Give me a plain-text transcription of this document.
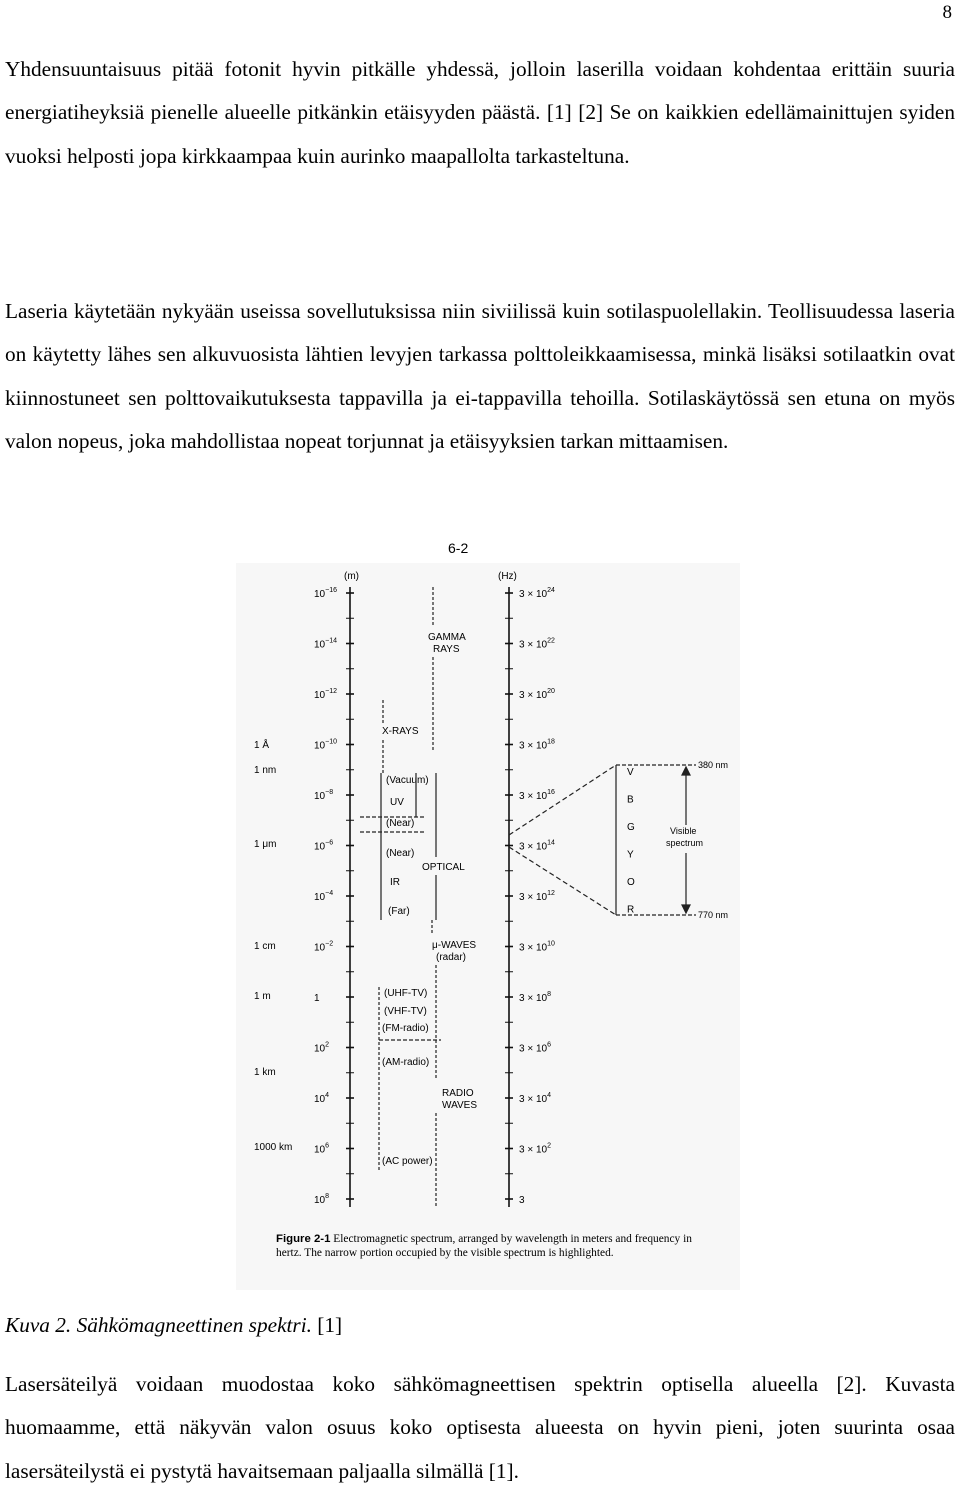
8

Yhdensuuntaisuus pitää fotonit hyvin pitkälle yhdessä, jolloin laserilla voidaan kohdentaa erittäin suuria energiatiheyksiä pienelle alueelle pitkänkin etäisyyden päästä. [1] [2] Se on kaikkien edellämainittujen syiden vuoksi helposti jopa kirkkaampaa kuin aurinko maapallolta tarkasteltuna.

Laseria käytetään nykyään useissa sovellutuksissa niin siviilissä kuin sotilaspuolellakin. Teollisuudessa laseria on käytetty lähes sen alkuvuosista lähtien levyjen tarkassa polttoleikkaamisessa, minkä lisäksi sotilaatkin ovat kiinnostuneet sen polttovaikutuksesta tappavilla ja ei-tappavilla tehoilla. Sotilaskäytössä sen etuna on myös valon nopeus, joka mahdollistaa nopeat torjunnat ja etäisyyksien tarkan mittaamisen.

6-2
(m)	(Hz)
$10^{-16}$
$10^{-14}$
$10^{-12}$
$10^{-10}$
$10^{-8}$
$10^{-6}$
$10^{-4}$
$10^{-2}$
1
$10^2$
$10^4$
$10^6$
$10^8$
$3 \times 10^{24}$
$3 \times 10^{22}$
$3 \times 10^{20}$
$3 \times 10^{18}$
$3 \times 10^{16}$
$3 \times 10^{14}$
$3 \times 10^{12}$
$3 \times 10^{10}$
$3 \times 10^8$
$3 \times 10^6$
$3 \times 10^4$
$3 \times 10^2$
3
1 Å
1 nm
1 μm
1 cm
1 m
1 km
1000 km
GAMMA
RAYS
X-RAYS
(Vacuum)
UV
(Near)
(Near)
OPTICAL
IR
(Far)
μ-WAVES
(radar)
(UHF-TV)
(VHF-TV)
(FM-radio)
(AM-radio)
RADIO
WAVES
(AC power)
V
B
G
Y
O
R
380 nm
770 nm
Visible
spectrum
Figure 2-1 Electromagnetic spectrum, arranged by wavelength in meters and frequency in hertz. The narrow portion occupied by the visible spectrum is highlighted.
Kuva 2. Sähkömagneettinen spektri. [1]

Lasersäteilyä voidaan muodostaa koko sähkömagneettisen spektrin optisella alueella [2]. Kuvasta huomaamme, että näkyvän valon osuus koko optisesta alueesta on hyvin pieni, joten suurinta osaa lasersäteilystä ei pystytä havaitsemaan paljaalla silmällä [1].
